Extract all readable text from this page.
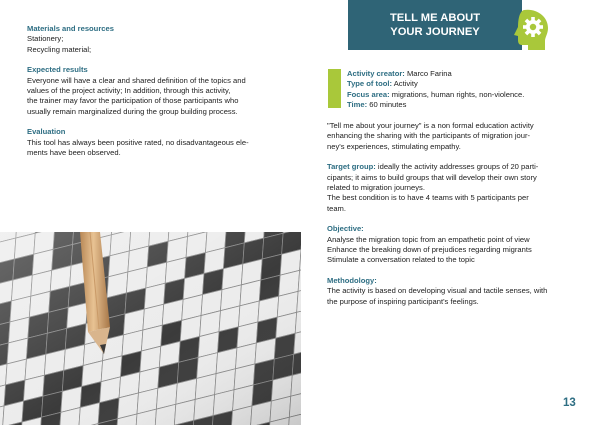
Materials and resources
Stationery;
Recycling material;
Expected results
Everyone will have a clear and shared definition of the topics and
values of the project activity; In addition, through this activity,
the trainer may favor the participation of those participants who
usually remain marginalized during the group building process.
Evaluation
This tool has always been positive rated, no disadvantageous ele-
ments have been observed.
TELL ME ABOUT
YOUR JOURNEY
Activity creator: Marco Farina
Type of tool: Activity
Focus area: migrations, human rights, non-violence.
Time: 60 minutes
"Tell me about your journey" is a non formal education activity
enhancing the sharing with the participants of migration jour-
ney's experiences, stimulating empathy.
Target group: ideally the activity addresses groups of 20 parti-
cipants; it aims to build groups that will develop their own story
related to migration journeys.
The best condition is to have 4 teams with 5 participants per
team.
Objective:
Analyse the migration topic from an empathetic point of view
Enhance the breaking down of prejudices regarding migrants
Stimulate a conversation related to the topic
Methodology:
The activity is based on developing visual and tactile senses, with
the purpose of inspiring participant's feelings.
13
